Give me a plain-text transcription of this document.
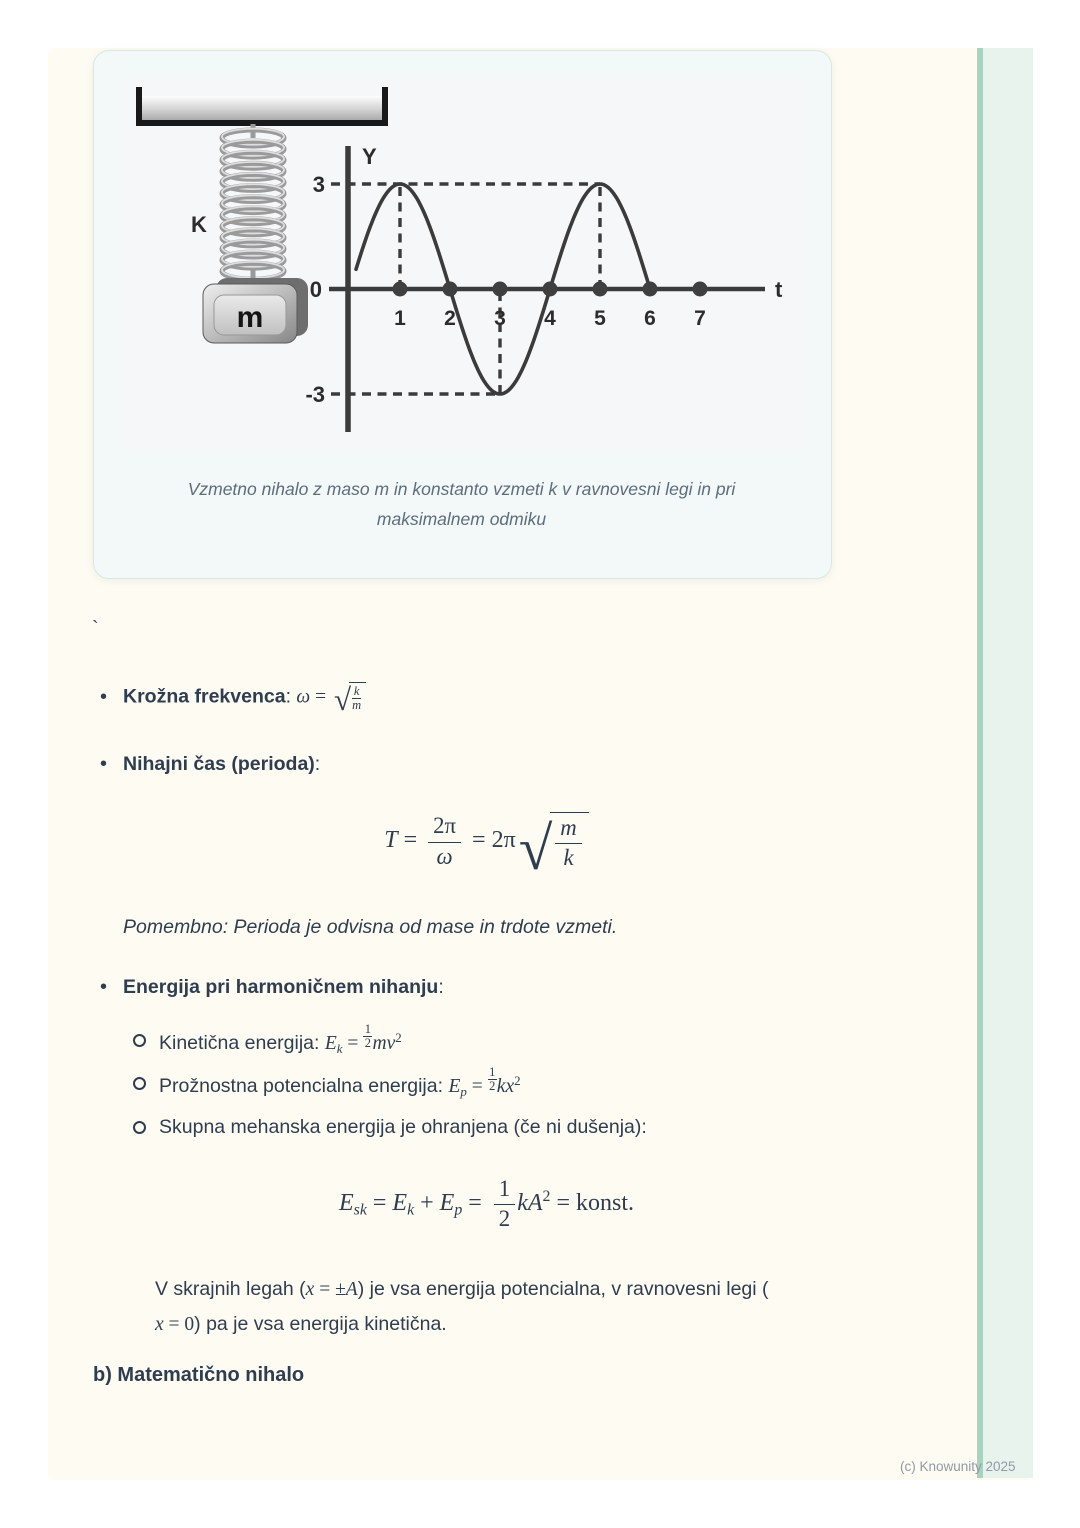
K
m
Y
t
3
0
-3
1 2 3 4 5 6 7
Vzmetno nihalo z maso m in konstanto vzmeti k v ravnovesni legi in pri
maksimalnem odmiku
`
• Krožna frekvenca: ω = √ $\frac{k}{m}$
• Nihajni čas (perioda):
$T = \frac{2\pi}{\omega} = 2\pi$ √ m
k
Pomembno: Perioda je odvisna od mase in trdote vzmeti.
• Energija pri harmoničnem nihanju:
Kinetična energija: $E_k = \frac{1}{2} mv^2$
Prožnostna potencialna energija: $E_p = \frac{1}{2} kx^2$
Skupna mehanska energija je ohranjena (če ni dušenja):
$E_{sk} = E_k + E_p = \frac{1}{2} kA^2$ = konst.
V skrajnih legah (x = ±A) je vsa energija potencialna, v ravnovesni legi (
x = 0) pa je vsa energija kinetična.
b) Matematično nihalo
(c) Knowunity 2025
